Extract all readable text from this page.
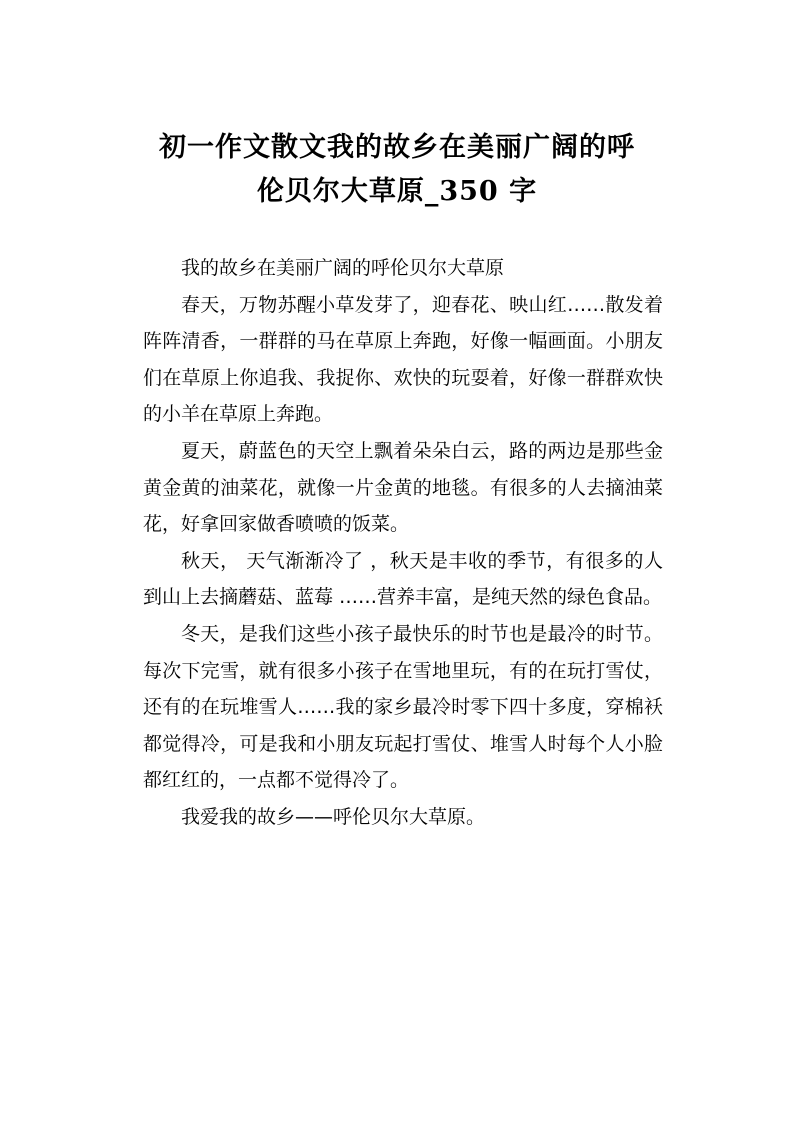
初一作文散文我的故乡在美丽广阔的呼
伦贝尔大草原_350 字

我的故乡在美丽广阔的呼伦贝尔大草原

春天，万物苏醒小草发芽了，迎春花、映山红……散发着阵阵清香，一群群的马在草原上奔跑，好像一幅画面。小朋友们在草原上你追我、我捉你、欢快的玩耍着，好像一群群欢快的小羊在草原上奔跑。

夏天，蔚蓝色的天空上飘着朵朵白云，路的两边是那些金黄金黄的油菜花，就像一片金黄的地毯。有很多的人去摘油菜花，好拿回家做香喷喷的饭菜。

秋天， 天气渐渐冷了 ，秋天是丰收的季节，有很多的人到山上去摘蘑菇、蓝莓 ……营养丰富，是纯天然的绿色食品。

冬天，是我们这些小孩子最快乐的时节也是最冷的时节。每次下完雪，就有很多小孩子在雪地里玩，有的在玩打雪仗，还有的在玩堆雪人……我的家乡最冷时零下四十多度，穿棉袄都觉得冷，可是我和小朋友玩起打雪仗、堆雪人时每个人小脸都红红的，一点都不觉得冷了。

我爱我的故乡——呼伦贝尔大草原。
